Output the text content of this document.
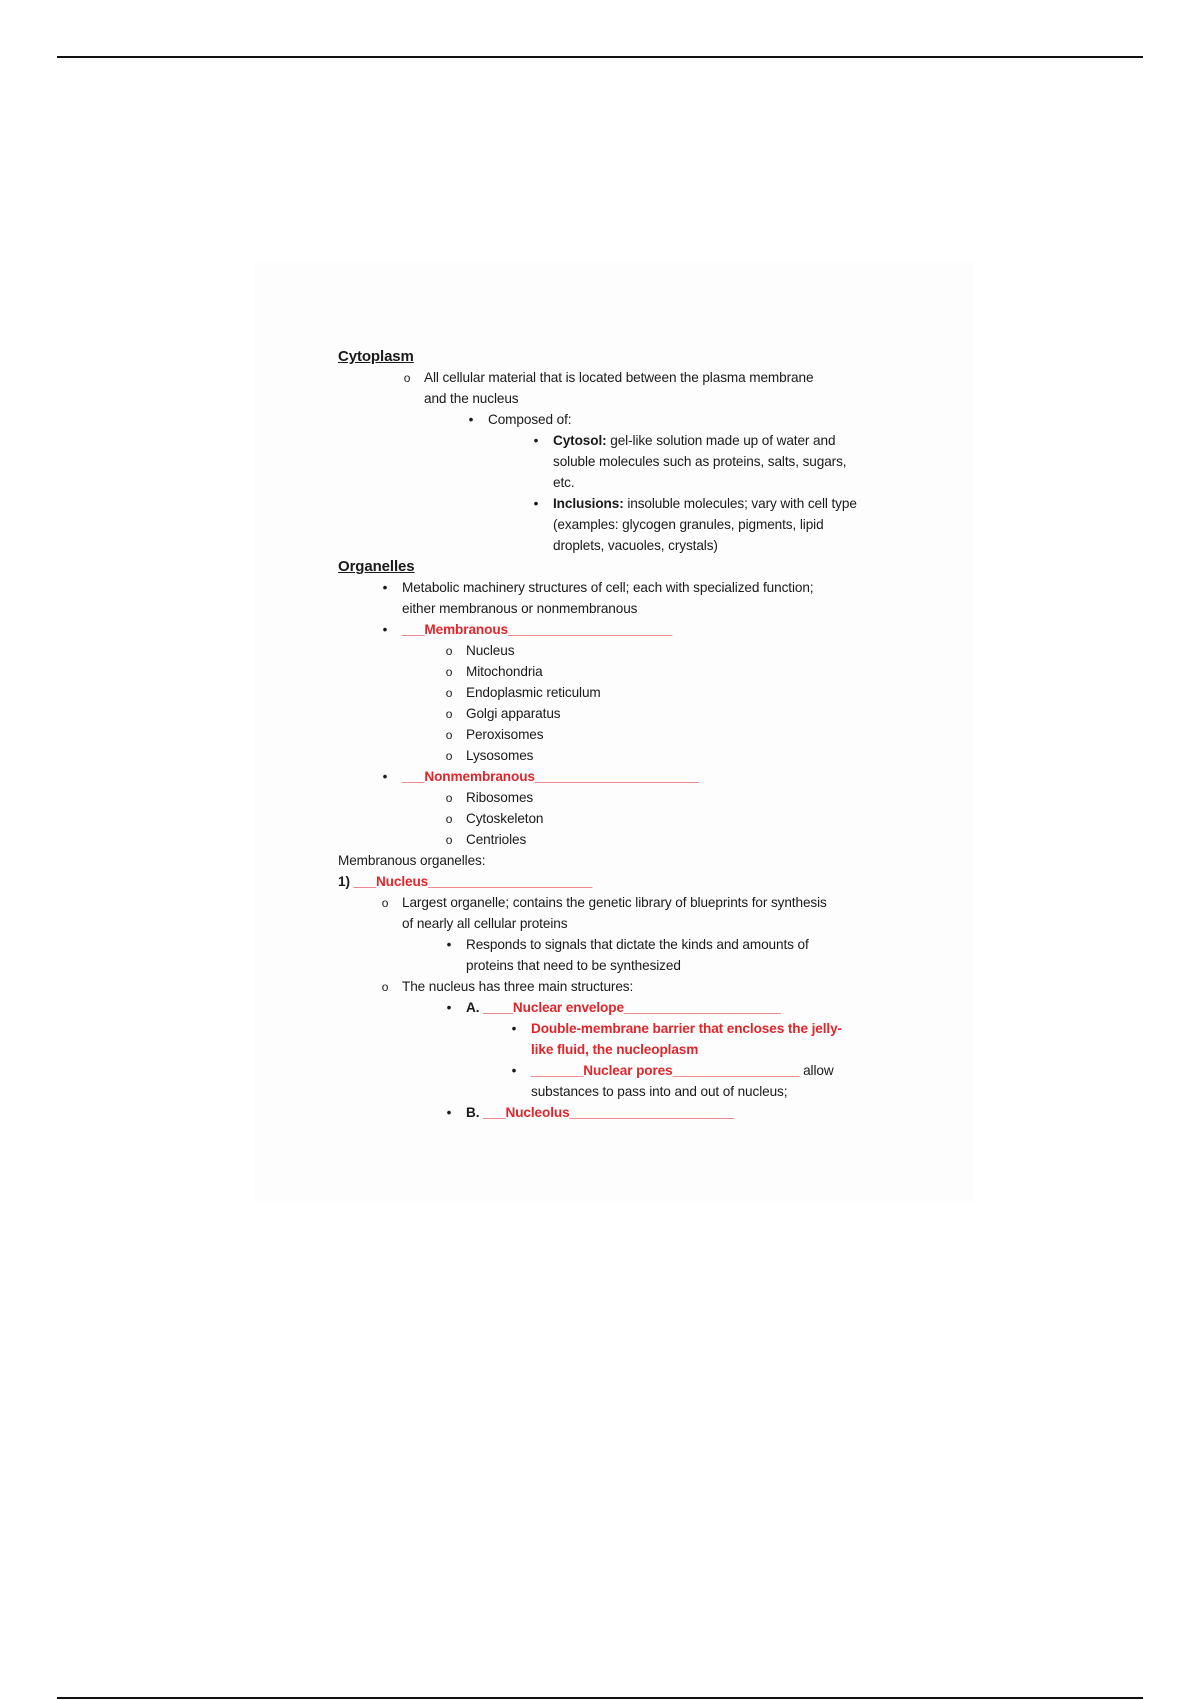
Cytoplasm
o
All cellular material that is located between the plasma membrane
and the nucleus
•
Composed of:
•
Cytosol: gel-like solution made up of water and
soluble molecules such as proteins, salts, sugars,
etc.
•
Inclusions: insoluble molecules; vary with cell type
(examples: glycogen granules, pigments, lipid
droplets, vacuoles, crystals)
Organelles
•
Metabolic machinery structures of cell; each with specialized function;
either membranous or nonmembranous
•
___Membranous______________________
o
Nucleus
o
Mitochondria
o
Endoplasmic reticulum
o
Golgi apparatus
o
Peroxisomes
o
Lysosomes
•
___Nonmembranous______________________
o
Ribosomes
o
Cytoskeleton
o
Centrioles
Membranous organelles:
1) ___Nucleus______________________
o
Largest organelle; contains the genetic library of blueprints for synthesis
of nearly all cellular proteins
•
Responds to signals that dictate the kinds and amounts of
proteins that need to be synthesized
o
The nucleus has three main structures:
•
A. ____Nuclear envelope_____________________
•
Double-membrane barrier that encloses the jelly-
like fluid, the nucleoplasm
•
_______Nuclear pores_________________ allow
substances to pass into and out of nucleus;
•
B. ___Nucleolus______________________
